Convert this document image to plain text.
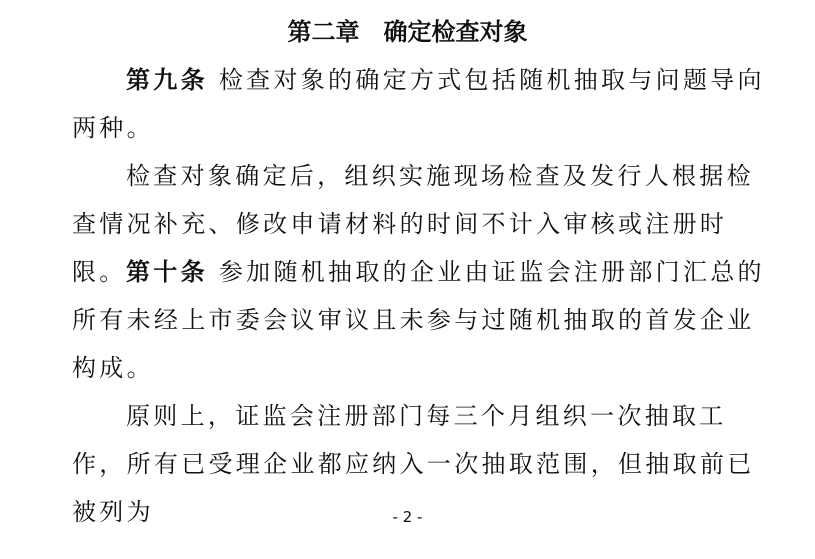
第二章　确定检查对象

第九条 检查对象的确定方式包括随机抽取与问题导向两种。

检查对象确定后，组织实施现场检查及发行人根据检查情况补充、修改申请材料的时间不计入审核或注册时限。 第十条 参加随机抽取的企业由证监会注册部门汇总的所有未经上市委会议审议且未参与过随机抽取的首发企业构成。

原则上，证监会注册部门每三个月组织一次抽取工作，所有已受理企业都应纳入一次抽取范围，但抽取前已被列为	- 2 -
